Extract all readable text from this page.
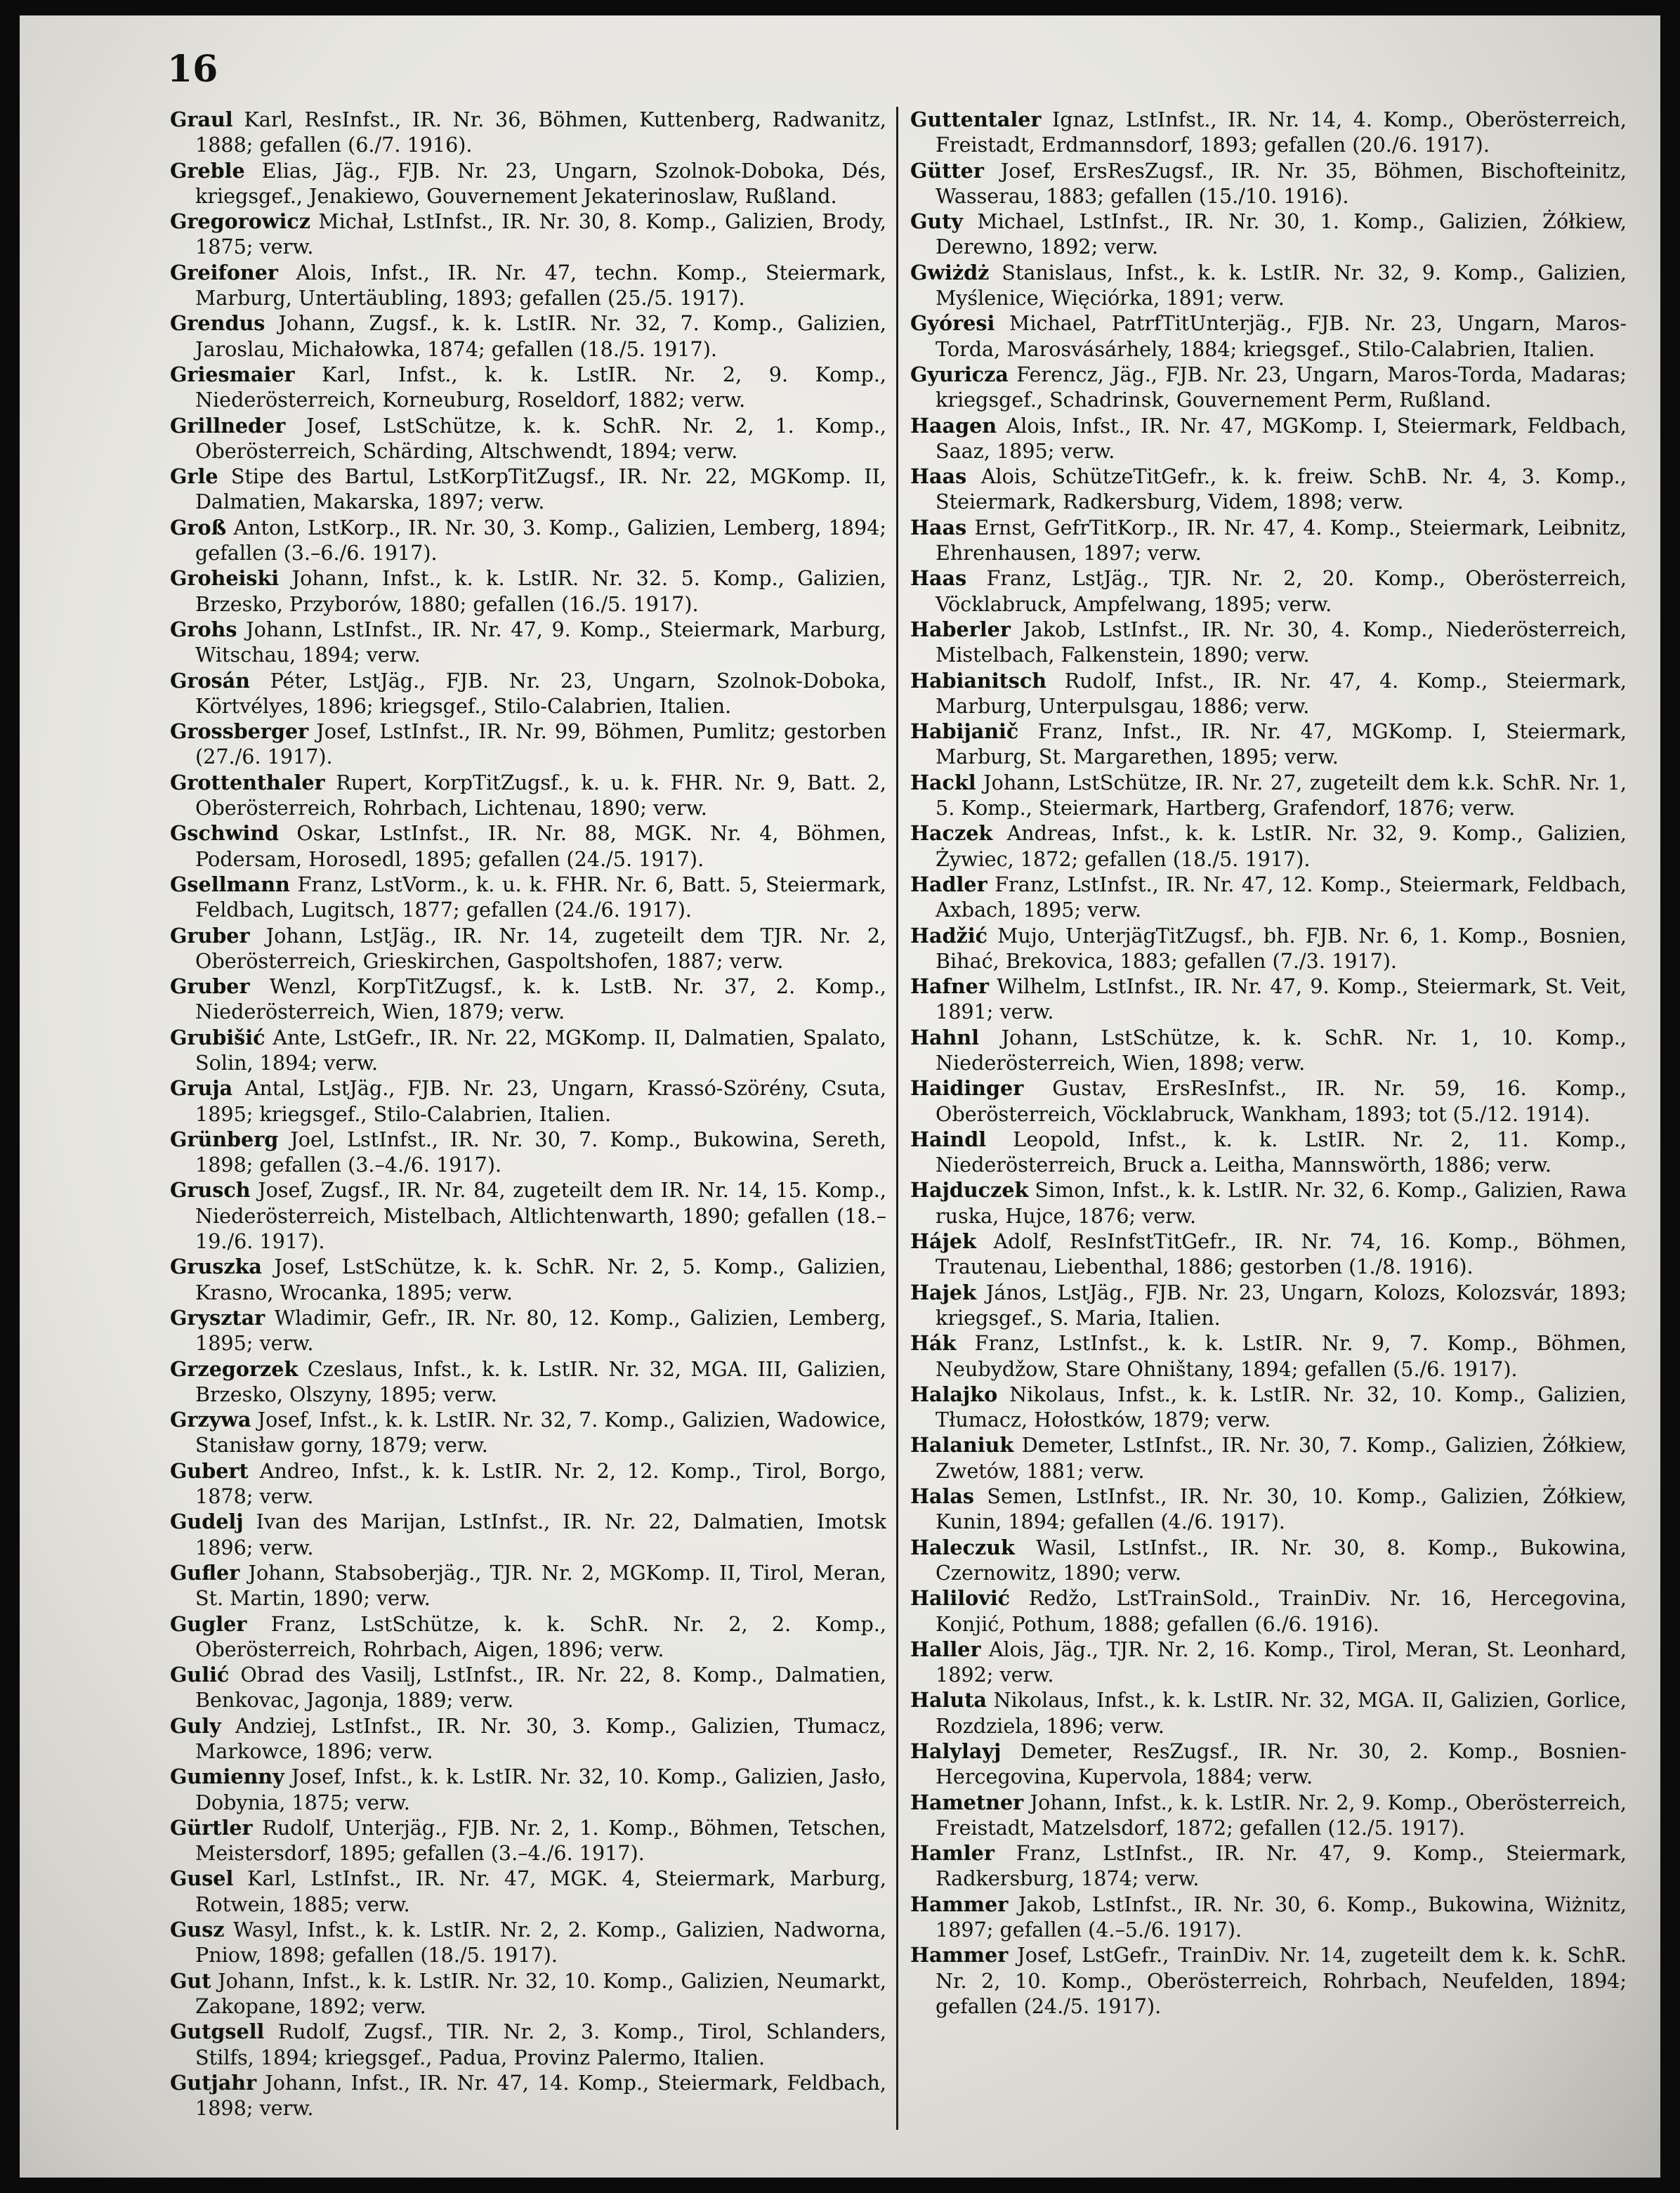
16
Graul Karl, ResInfst., IR. Nr. 36, Böhmen, Kuttenberg, Radwanitz, 1888; gefallen (6./7. 1916).
Greble Elias, Jäg., FJB. Nr. 23, Ungarn, Szolnok-Doboka, Dés, kriegsgef., Jenakiewo, Gouvernement Jekaterinoslaw, Rußland.
Gregorowicz Michał, LstInfst., IR. Nr. 30, 8. Komp., Galizien, Brody, 1875; verw.
Greifoner Alois, Infst., IR. Nr. 47, techn. Komp., Steiermark, Marburg, Untertäubling, 1893; gefallen (25./5. 1917).
Grendus Johann, Zugsf., k. k. LstIR. Nr. 32, 7. Komp., Galizien, Jaroslau, Michałowka, 1874; gefallen (18./5. 1917).
Griesmaier Karl, Infst., k. k. LstIR. Nr. 2, 9. Komp., Niederösterreich, Korneuburg, Roseldorf, 1882; verw.
Grillneder Josef, LstSchütze, k. k. SchR. Nr. 2, 1. Komp., Oberösterreich, Schärding, Altschwendt, 1894; verw.
Grle Stipe des Bartul, LstKorpTitZugsf., IR. Nr. 22, MGKomp. II, Dalmatien, Makarska, 1897; verw.
Groß Anton, LstKorp., IR. Nr. 30, 3. Komp., Galizien, Lemberg, 1894; gefallen (3.–6./6. 1917).
Groheiski Johann, Infst., k. k. LstIR. Nr. 32. 5. Komp., Galizien, Brzesko, Przyborów, 1880; gefallen (16./5. 1917).
Grohs Johann, LstInfst., IR. Nr. 47, 9. Komp., Steiermark, Marburg, Witschau, 1894; verw.
Grosán Péter, LstJäg., FJB. Nr. 23, Ungarn, Szolnok-Doboka, Körtvélyes, 1896; kriegsgef., Stilo-Calabrien, Italien.
Grossberger Josef, LstInfst., IR. Nr. 99, Böhmen, Pumlitz; gestorben (27./6. 1917).
Grottenthaler Rupert, KorpTitZugsf., k. u. k. FHR. Nr. 9, Batt. 2, Oberösterreich, Rohrbach, Lichtenau, 1890; verw.
Gschwind Oskar, LstInfst., IR. Nr. 88, MGK. Nr. 4, Böhmen, Podersam, Horosedl, 1895; gefallen (24./5. 1917).
Gsellmann Franz, LstVorm., k. u. k. FHR. Nr. 6, Batt. 5, Steiermark, Feldbach, Lugitsch, 1877; gefallen (24./6. 1917).
Gruber Johann, LstJäg., IR. Nr. 14, zugeteilt dem TJR. Nr. 2, Oberösterreich, Grieskirchen, Gaspoltshofen, 1887; verw.
Gruber Wenzl, KorpTitZugsf., k. k. LstB. Nr. 37, 2. Komp., Niederösterreich, Wien, 1879; verw.
Grubišić Ante, LstGefr., IR. Nr. 22, MGKomp. II, Dalmatien, Spalato, Solin, 1894; verw.
Gruja Antal, LstJäg., FJB. Nr. 23, Ungarn, Krassó-Szörény, Csuta, 1895; kriegsgef., Stilo-Calabrien, Italien.
Grünberg Joel, LstInfst., IR. Nr. 30, 7. Komp., Bukowina, Sereth, 1898; gefallen (3.–4./6. 1917).
Grusch Josef, Zugsf., IR. Nr. 84, zugeteilt dem IR. Nr. 14, 15. Komp., Niederösterreich, Mistelbach, Altlichtenwarth, 1890; gefallen (18.–19./6. 1917).
Gruszka Josef, LstSchütze, k. k. SchR. Nr. 2, 5. Komp., Galizien, Krasno, Wrocanka, 1895; verw.
Grysztar Wladimir, Gefr., IR. Nr. 80, 12. Komp., Galizien, Lemberg, 1895; verw.
Grzegorzek Czeslaus, Infst., k. k. LstIR. Nr. 32, MGA. III, Galizien, Brzesko, Olszyny, 1895; verw.
Grzywa Josef, Infst., k. k. LstIR. Nr. 32, 7. Komp., Galizien, Wadowice, Stanisław gorny, 1879; verw.
Gubert Andreo, Infst., k. k. LstIR. Nr. 2, 12. Komp., Tirol, Borgo, 1878; verw.
Gudelj Ivan des Marijan, LstInfst., IR. Nr. 22, Dalmatien, Imotsk 1896; verw.
Gufler Johann, Stabsoberjäg., TJR. Nr. 2, MGKomp. II, Tirol, Meran, St. Martin, 1890; verw.
Gugler Franz, LstSchütze, k. k. SchR. Nr. 2, 2. Komp., Oberösterreich, Rohrbach, Aigen, 1896; verw.
Gulić Obrad des Vasilj, LstInfst., IR. Nr. 22, 8. Komp., Dalmatien, Benkovac, Jagonja, 1889; verw.
Guly Andziej, LstInfst., IR. Nr. 30, 3. Komp., Galizien, Tłumacz, Markowce, 1896; verw.
Gumienny Josef, Infst., k. k. LstIR. Nr. 32, 10. Komp., Galizien, Jasło, Dobynia, 1875; verw.
Gürtler Rudolf, Unterjäg., FJB. Nr. 2, 1. Komp., Böhmen, Tetschen, Meistersdorf, 1895; gefallen (3.–4./6. 1917).
Gusel Karl, LstInfst., IR. Nr. 47, MGK. 4, Steiermark, Marburg, Rotwein, 1885; verw.
Gusz Wasyl, Infst., k. k. LstIR. Nr. 2, 2. Komp., Galizien, Nadworna, Pniow, 1898; gefallen (18./5. 1917).
Gut Johann, Infst., k. k. LstIR. Nr. 32, 10. Komp., Galizien, Neumarkt, Zakopane, 1892; verw.
Gutgsell Rudolf, Zugsf., TIR. Nr. 2, 3. Komp., Tirol, Schlanders, Stilfs, 1894; kriegsgef., Padua, Provinz Palermo, Italien.
Gutjahr Johann, Infst., IR. Nr. 47, 14. Komp., Steiermark, Feldbach, 1898; verw.
Guttentaler Ignaz, LstInfst., IR. Nr. 14, 4. Komp., Oberösterreich, Freistadt, Erdmannsdorf, 1893; gefallen (20./6. 1917).
Gütter Josef, ErsResZugsf., IR. Nr. 35, Böhmen, Bischofteinitz, Wasserau, 1883; gefallen (15./10. 1916).
Guty Michael, LstInfst., IR. Nr. 30, 1. Komp., Galizien, Żółkiew, Derewno, 1892; verw.
Gwiżdż Stanislaus, Infst., k. k. LstIR. Nr. 32, 9. Komp., Galizien, Myślenice, Więciórka, 1891; verw.
Gyóresi Michael, PatrfTitUnterjäg., FJB. Nr. 23, Ungarn, Maros-Torda, Marosvásárhely, 1884; kriegsgef., Stilo-Calabrien, Italien.
Gyuricza Ferencz, Jäg., FJB. Nr. 23, Ungarn, Maros-Torda, Madaras; kriegsgef., Schadrinsk, Gouvernement Perm, Rußland.
Haagen Alois, Infst., IR. Nr. 47, MGKomp. I, Steiermark, Feldbach, Saaz, 1895; verw.
Haas Alois, SchützeTitGefr., k. k. freiw. SchB. Nr. 4, 3. Komp., Steiermark, Radkersburg, Videm, 1898; verw.
Haas Ernst, GefrTitKorp., IR. Nr. 47, 4. Komp., Steiermark, Leibnitz, Ehrenhausen, 1897; verw.
Haas Franz, LstJäg., TJR. Nr. 2, 20. Komp., Oberösterreich, Vöcklabruck, Ampfelwang, 1895; verw.
Haberler Jakob, LstInfst., IR. Nr. 30, 4. Komp., Niederösterreich, Mistelbach, Falkenstein, 1890; verw.
Habianitsch Rudolf, Infst., IR. Nr. 47, 4. Komp., Steiermark, Marburg, Unterpulsgau, 1886; verw.
Habijanič Franz, Infst., IR. Nr. 47, MGKomp. I, Steiermark, Marburg, St. Margarethen, 1895; verw.
Hackl Johann, LstSchütze, IR. Nr. 27, zugeteilt dem k.k. SchR. Nr. 1, 5. Komp., Steiermark, Hartberg, Grafendorf, 1876; verw.
Haczek Andreas, Infst., k. k. LstIR. Nr. 32, 9. Komp., Galizien, Żywiec, 1872; gefallen (18./5. 1917).
Hadler Franz, LstInfst., IR. Nr. 47, 12. Komp., Steiermark, Feldbach, Axbach, 1895; verw.
Hadžić Mujo, UnterjägTitZugsf., bh. FJB. Nr. 6, 1. Komp., Bosnien, Bihać, Brekovica, 1883; gefallen (7./3. 1917).
Hafner Wilhelm, LstInfst., IR. Nr. 47, 9. Komp., Steiermark, St. Veit, 1891; verw.
Hahnl Johann, LstSchütze, k. k. SchR. Nr. 1, 10. Komp., Niederösterreich, Wien, 1898; verw.
Haidinger Gustav, ErsResInfst., IR. Nr. 59, 16. Komp., Oberösterreich, Vöcklabruck, Wankham, 1893; tot (5./12. 1914).
Haindl Leopold, Infst., k. k. LstIR. Nr. 2, 11. Komp., Niederösterreich, Bruck a. Leitha, Mannswörth, 1886; verw.
Hajduczek Simon, Infst., k. k. LstIR. Nr. 32, 6. Komp., Galizien, Rawa ruska, Hujce, 1876; verw.
Hájek Adolf, ResInfstTitGefr., IR. Nr. 74, 16. Komp., Böhmen, Trautenau, Liebenthal, 1886; gestorben (1./8. 1916).
Hajek János, LstJäg., FJB. Nr. 23, Ungarn, Kolozs, Kolozsvár, 1893; kriegsgef., S. Maria, Italien.
Hák Franz, LstInfst., k. k. LstIR. Nr. 9, 7. Komp., Böhmen, Neubydžow, Stare Ohništany, 1894; gefallen (5./6. 1917).
Halajko Nikolaus, Infst., k. k. LstIR. Nr. 32, 10. Komp., Galizien, Tłumacz, Hołostków, 1879; verw.
Halaniuk Demeter, LstInfst., IR. Nr. 30, 7. Komp., Galizien, Żółkiew, Zwetów, 1881; verw.
Halas Semen, LstInfst., IR. Nr. 30, 10. Komp., Galizien, Żółkiew, Kunin, 1894; gefallen (4./6. 1917).
Haleczuk Wasil, LstInfst., IR. Nr. 30, 8. Komp., Bukowina, Czernowitz, 1890; verw.
Halilović Redžo, LstTrainSold., TrainDiv. Nr. 16, Hercegovina, Konjić, Pothum, 1888; gefallen (6./6. 1916).
Haller Alois, Jäg., TJR. Nr. 2, 16. Komp., Tirol, Meran, St. Leonhard, 1892; verw.
Haluta Nikolaus, Infst., k. k. LstIR. Nr. 32, MGA. II, Galizien, Gorlice, Rozdziela, 1896; verw.
Halylayj Demeter, ResZugsf., IR. Nr. 30, 2. Komp., Bosnien-Hercegovina, Kupervola, 1884; verw.
Hametner Johann, Infst., k. k. LstIR. Nr. 2, 9. Komp., Oberösterreich, Freistadt, Matzelsdorf, 1872; gefallen (12./5. 1917).
Hamler Franz, LstInfst., IR. Nr. 47, 9. Komp., Steiermark, Radkersburg, 1874; verw.
Hammer Jakob, LstInfst., IR. Nr. 30, 6. Komp., Bukowina, Wiżnitz, 1897; gefallen (4.–5./6. 1917).
Hammer Josef, LstGefr., TrainDiv. Nr. 14, zugeteilt dem k. k. SchR. Nr. 2, 10. Komp., Oberösterreich, Rohrbach, Neufelden, 1894; gefallen (24./5. 1917).
